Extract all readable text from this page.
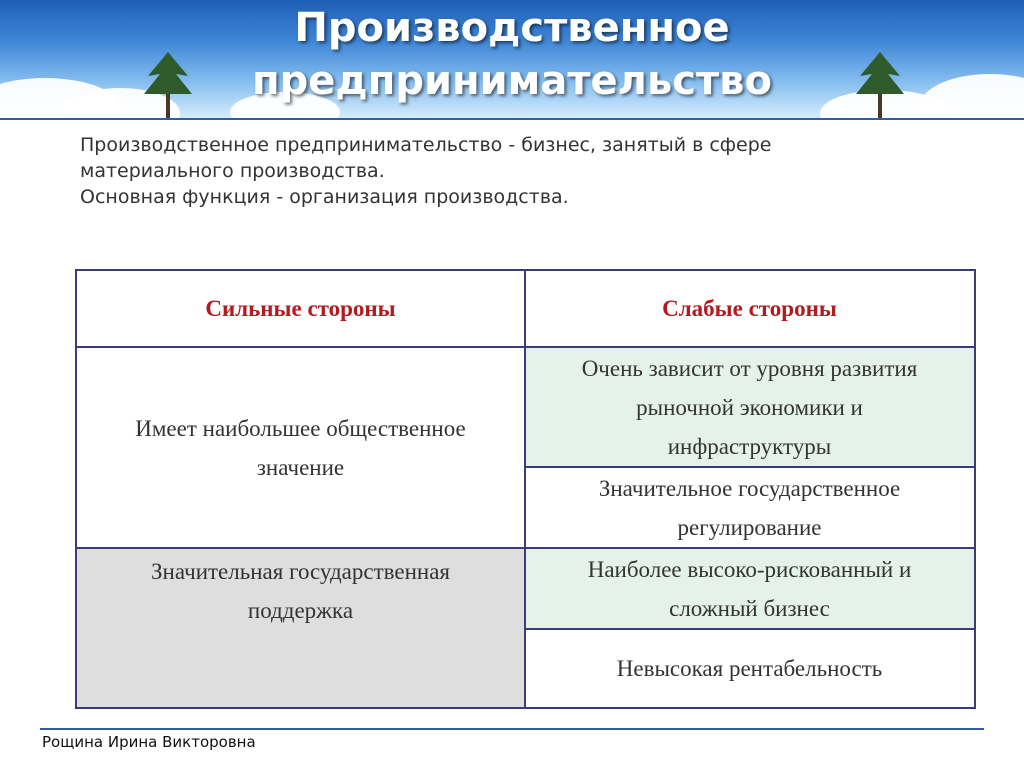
Производственное
предпринимательство
Производственное предпринимательство - бизнес, занятый в сфере
материального производства.
Основная функция - организация производства.
Сильные стороны	Слабые стороны
Имеет наибольшее общественное
значение
Значительная государственная
поддержка
Очень зависит от уровня развития
рыночной экономики и
инфраструктуры
Значительное государственное
регулирование
Наиболее высоко-рискованный и
сложный бизнес
Невысокая рентабельность
Рощина Ирина Викторовна
